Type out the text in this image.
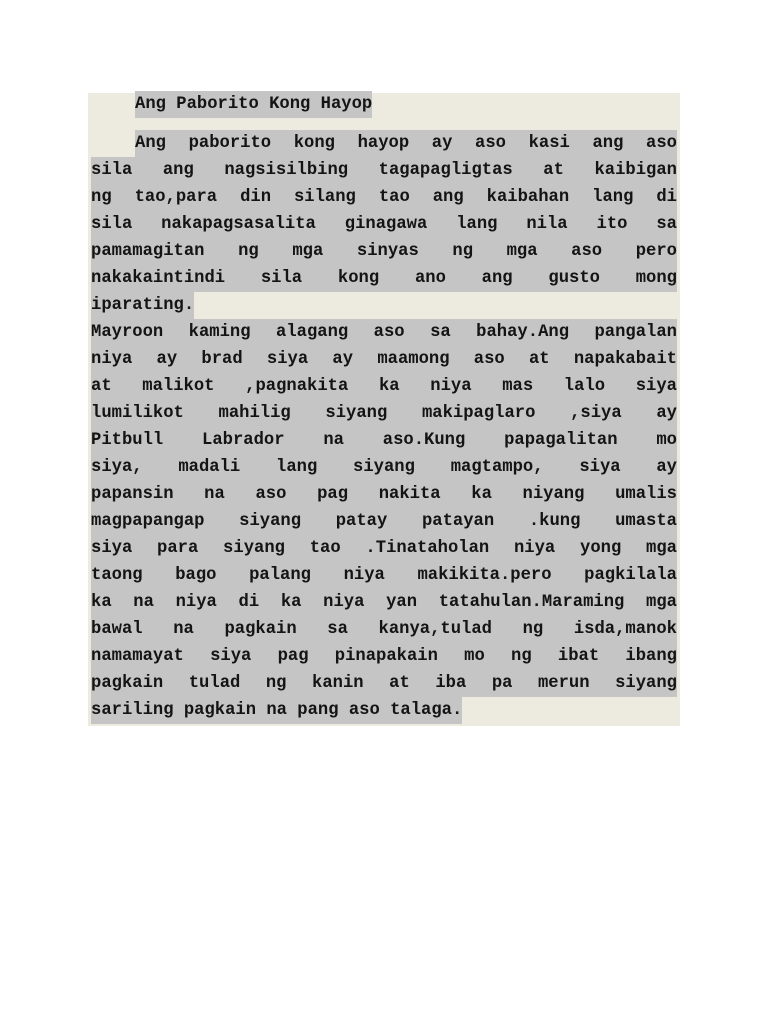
Ang Paborito Kong Hayop
Ang paborito kong hayop ay aso kasi ang aso
sila ang nagsisilbing tagapagligtas at kaibigan
ng tao,para din silang tao ang kaibahan lang di
sila nakapagsasalita ginagawa lang nila ito sa
pamamagitan ng mga sinyas ng mga aso pero
nakakaintindi sila kong ano ang gusto mong
iparating.
Mayroon kaming alagang aso sa bahay.Ang pangalan
niya ay brad siya ay maamong aso at napakabait
at malikot ,pagnakita ka niya mas lalo siya
lumilikot mahilig siyang makipaglaro ,siya ay
Pitbull Labrador na aso.Kung papagalitan mo
siya, madali lang siyang magtampo, siya ay
papansin na aso pag nakita ka niyang umalis
magpapangap siyang patay patayan .kung umasta
siya para siyang tao .Tinataholan niya yong mga
taong bago palang niya makikita.pero pagkilala
ka na niya di ka niya yan tatahulan.Maraming mga
bawal na pagkain sa kanya,tulad ng isda,manok
namamayat siya pag pinapakain mo ng ibat ibang
pagkain tulad ng kanin at iba pa merun siyang
sariling pagkain na pang aso talaga.
